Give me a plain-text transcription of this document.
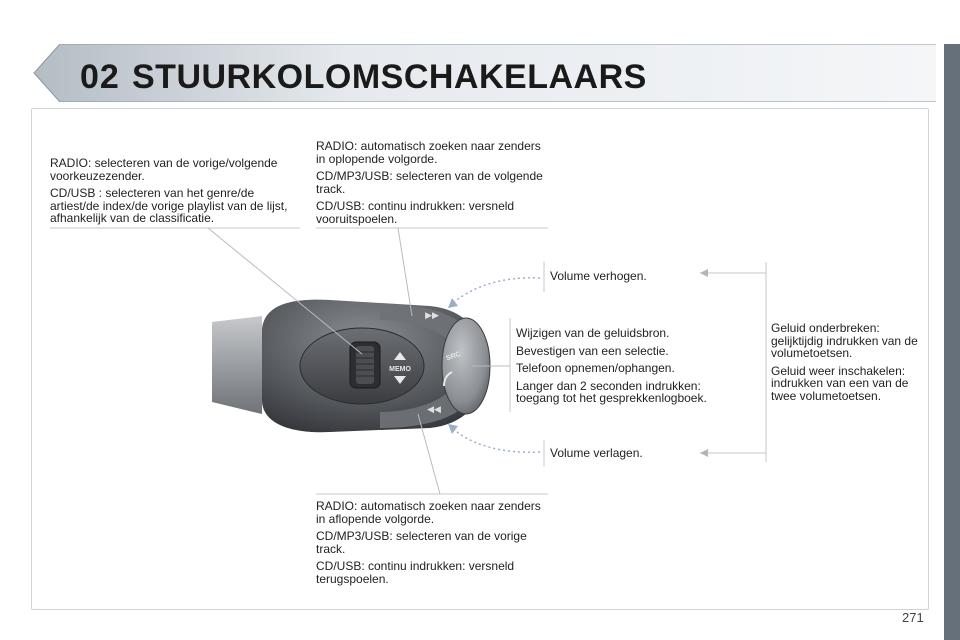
02 STUURKOLOMSCHAKELAARS
MEMO
▶▶
◀◀
SRC

RADIO: selecteren van de vorige/volgende voorkeuzezender.

CD/USB : selecteren van het genre/de artiest/de index/de vorige playlist van de lijst, afhankelijk van de classificatie.

RADIO: automatisch zoeken naar zenders in oplopende volgorde.

CD/MP3/USB: selecteren van de volgende track.

CD/USB: continu indrukken: versneld vooruitspoelen.

Volume verhogen.

Volume verlagen.

Wijzigen van de geluidsbron.

Bevestigen van een selectie.

Telefoon opnemen/ophangen.

Langer dan 2 seconden indrukken: toegang tot het gesprekkenlogboek.

Geluid onderbreken: gelijktijdig indrukken van de volumetoetsen.

Geluid weer inschakelen: indrukken van een van de twee volumetoetsen.

RADIO: automatisch zoeken naar zenders in aflopende volgorde.

CD/MP3/USB: selecteren van de vorige track.

CD/USB: continu indrukken: versneld terugspoelen.

271
